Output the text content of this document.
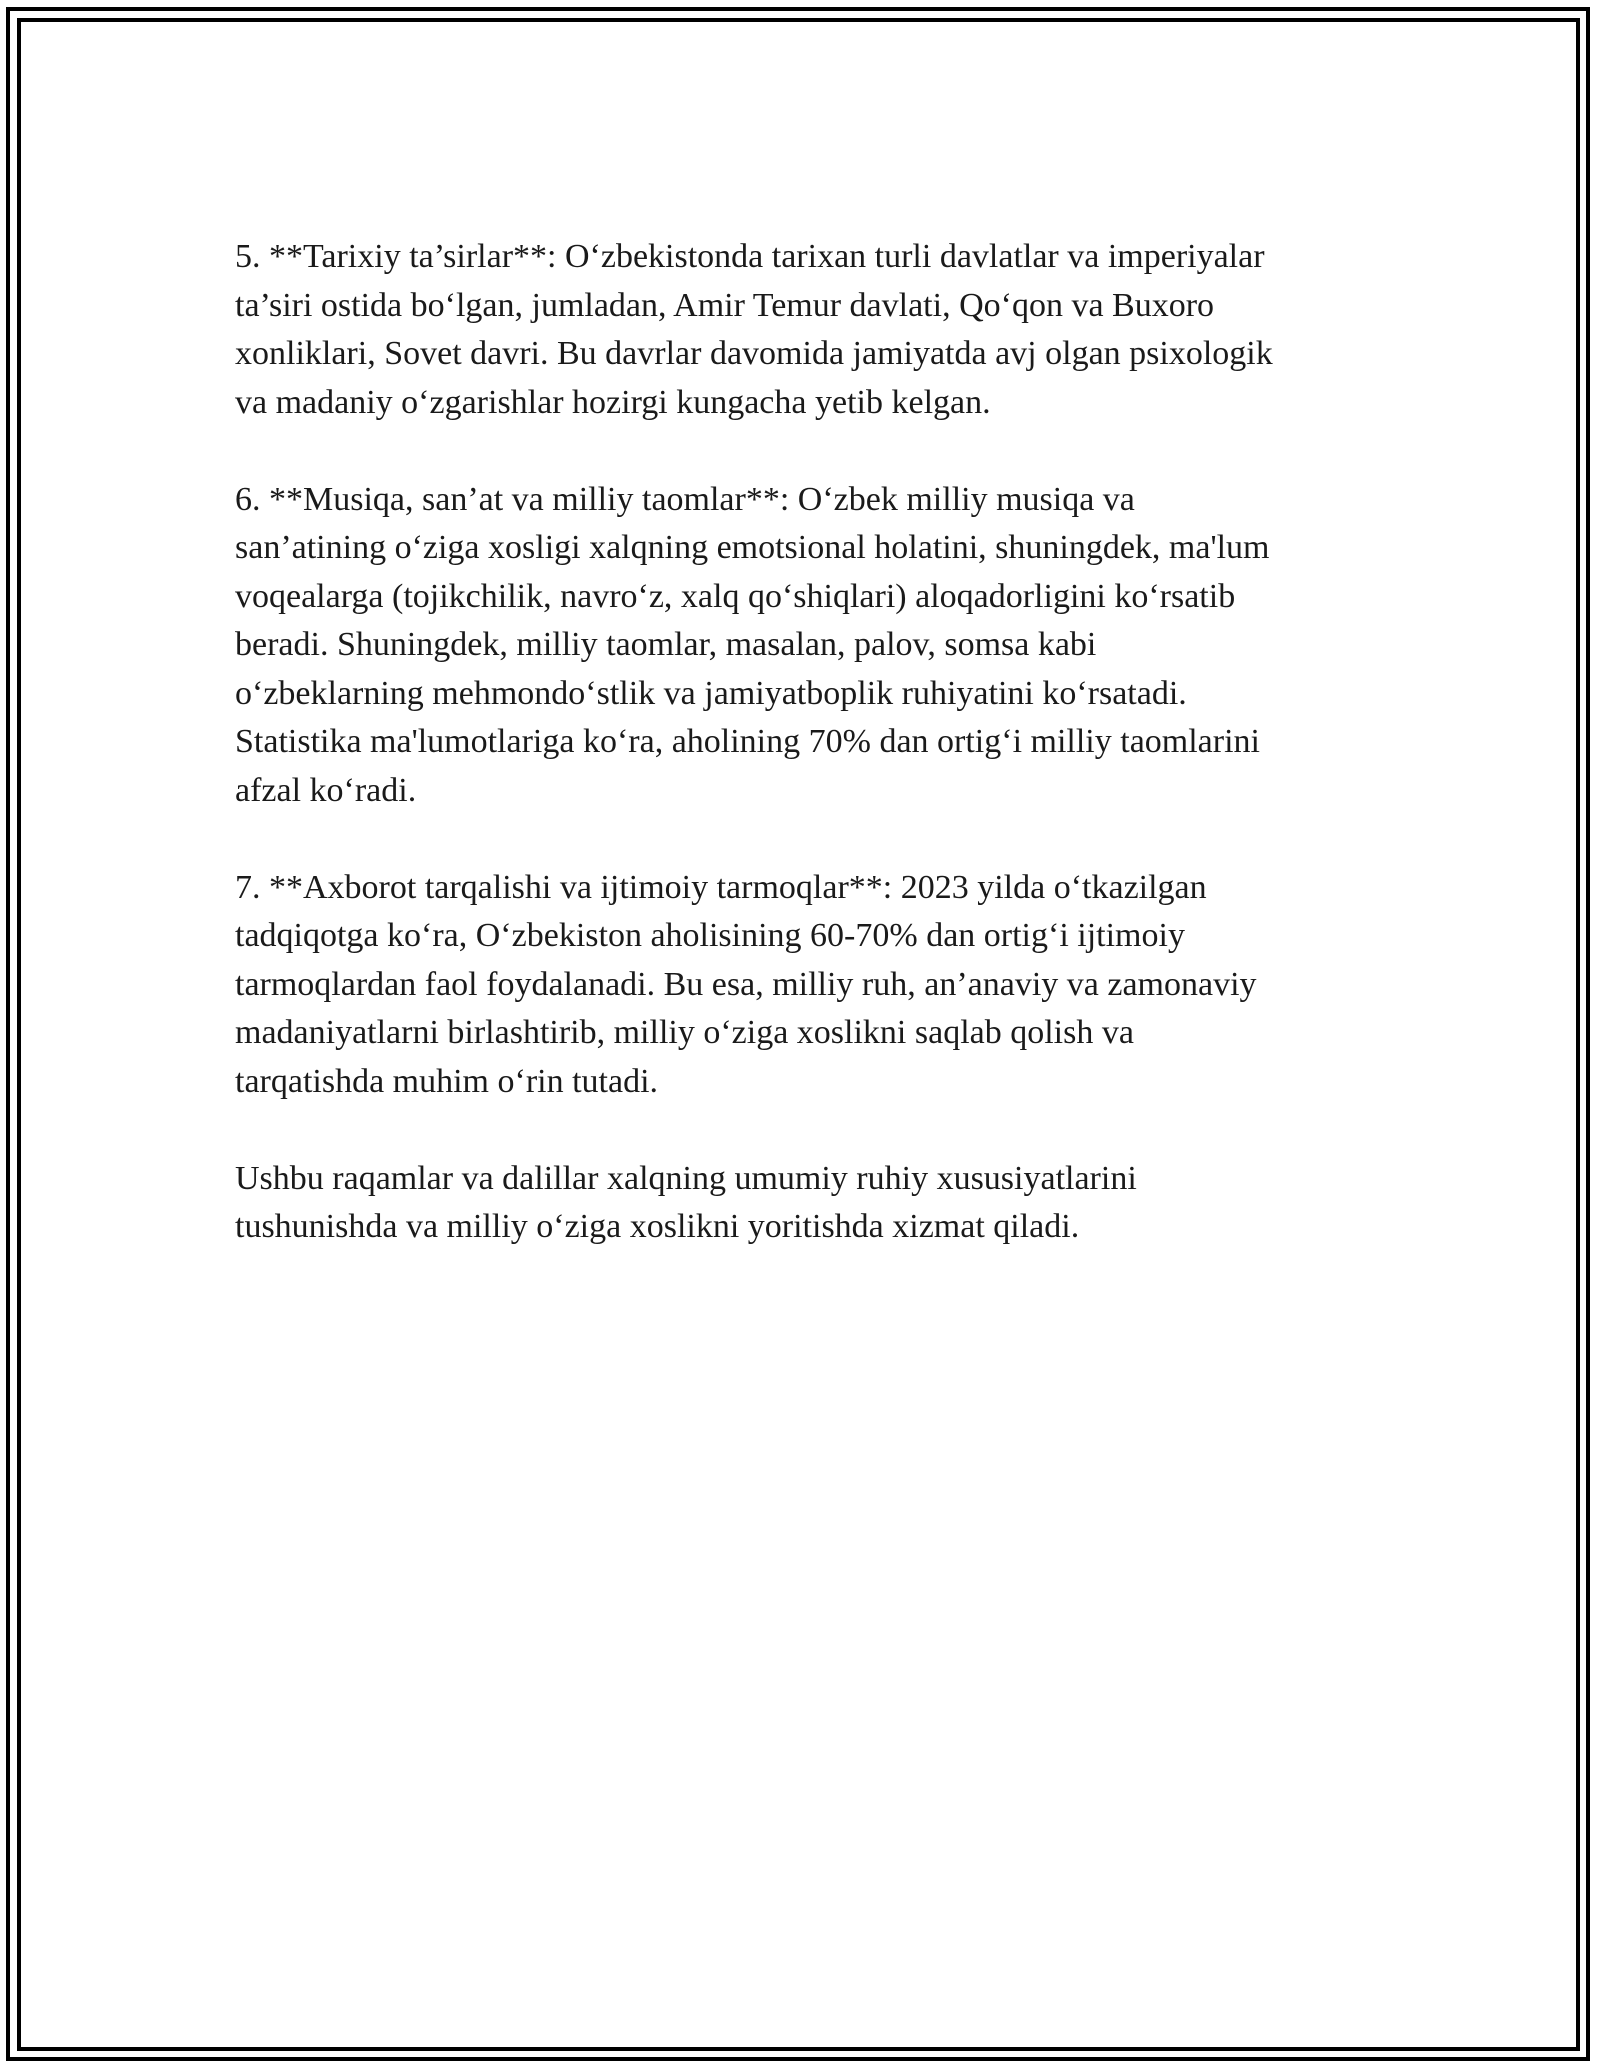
5. **Tarixiy ta’sirlar**: O‘zbekistonda tarixan turli davlatlar va imperiyalar
ta’siri ostida bo‘lgan, jumladan, Amir Temur davlati, Qo‘qon va Buxoro
xonliklari, Sovet davri. Bu davrlar davomida jamiyatda avj olgan psixologik
va madaniy o‘zgarishlar hozirgi kungacha yetib kelgan.

6. **Musiqa, san’at va milliy taomlar**: O‘zbek milliy musiqa va
san’atining o‘ziga xosligi xalqning emotsional holatini, shuningdek, ma'lum
voqealarga (tojikchilik, navro‘z, xalq qo‘shiqlari) aloqadorligini ko‘rsatib
beradi. Shuningdek, milliy taomlar, masalan, palov, somsa kabi
o‘zbeklarning mehmondo‘stlik va jamiyatboplik ruhiyatini ko‘rsatadi.
Statistika ma'lumotlariga ko‘ra, aholining 70% dan ortig‘i milliy taomlarini
afzal ko‘radi.

7. **Axborot tarqalishi va ijtimoiy tarmoqlar**: 2023 yilda o‘tkazilgan
tadqiqotga ko‘ra, O‘zbekiston aholisining 60-70% dan ortig‘i ijtimoiy
tarmoqlardan faol foydalanadi. Bu esa, milliy ruh, an’anaviy va zamonaviy
madaniyatlarni birlashtirib, milliy o‘ziga xoslikni saqlab qolish va
tarqatishda muhim o‘rin tutadi.

Ushbu raqamlar va dalillar xalqning umumiy ruhiy xususiyatlarini
tushunishda va milliy o‘ziga xoslikni yoritishda xizmat qiladi.
